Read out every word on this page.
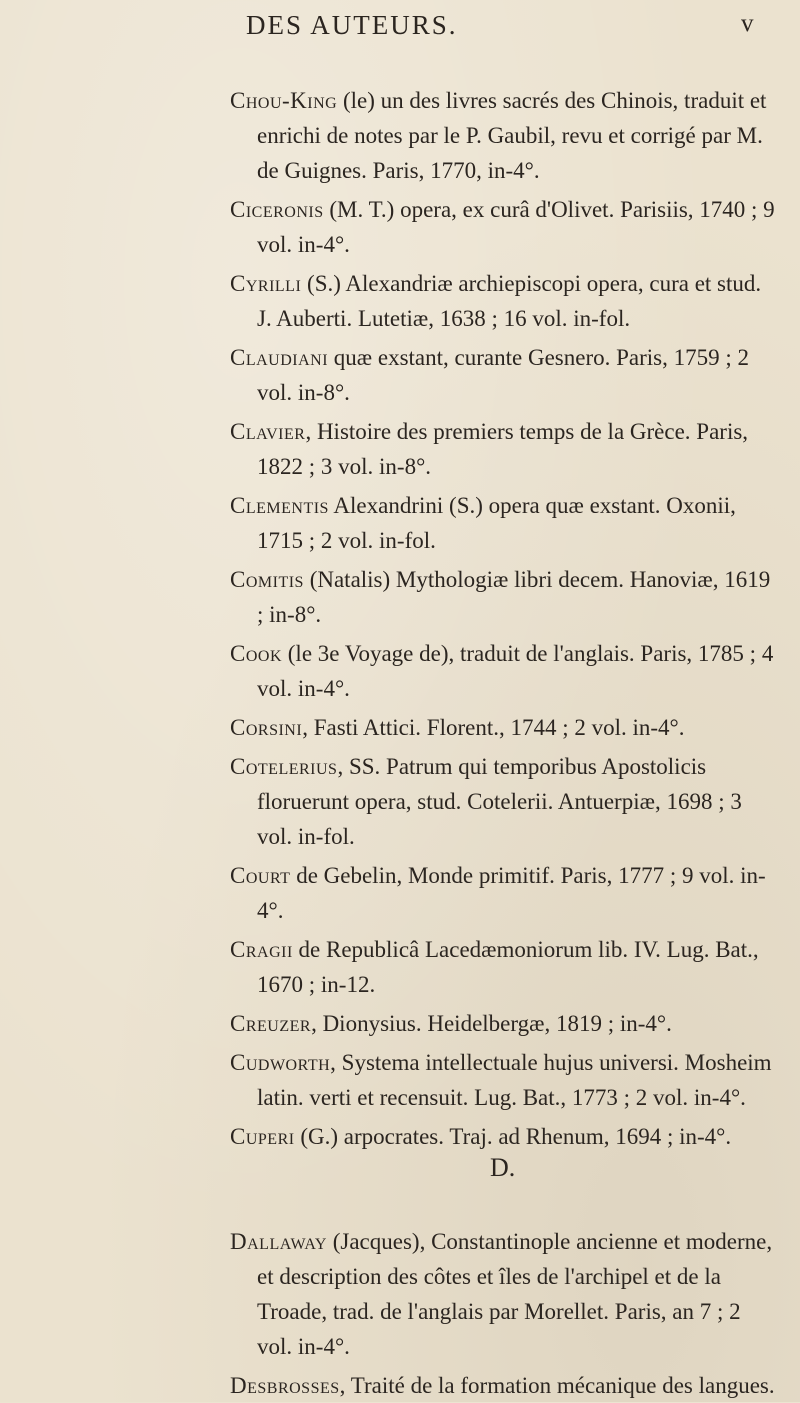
DES AUTEURS.	v

Chou-King (le) un des livres sacrés des Chinois, traduit et enrichi de notes par le P. Gaubil, revu et corrigé par M. de Guignes. Paris, 1770, in-4°.

Ciceronis (M. T.) opera, ex curâ d'Olivet. Parisiis, 1740 ; 9 vol. in-4°.

Cyrilli (S.) Alexandriæ archiepiscopi opera, cura et stud. J. Auberti. Lutetiæ, 1638 ; 16 vol. in-fol.

Claudiani quæ exstant, curante Gesnero. Paris, 1759 ; 2 vol. in-8°.

Clavier, Histoire des premiers temps de la Grèce. Paris, 1822 ; 3 vol. in-8°.

Clementis Alexandrini (S.) opera quæ exstant. Oxonii, 1715 ; 2 vol. in-fol.

Comitis (Natalis) Mythologiæ libri decem. Hanoviæ, 1619 ; in-8°.

Cook (le 3e Voyage de), traduit de l'anglais. Paris, 1785 ; 4 vol. in-4°.

Corsini, Fasti Attici. Florent., 1744 ; 2 vol. in-4°.

Cotelerius, SS. Patrum qui temporibus Apostolicis floruerunt opera, stud. Cotelerii. Antuerpiæ, 1698 ; 3 vol. in-fol.

Court de Gebelin, Monde primitif. Paris, 1777 ; 9 vol. in-4°.

Cragii de Republicâ Lacedæmoniorum lib. IV. Lug. Bat., 1670 ; in-12.

Creuzer, Dionysius. Heidelbergæ, 1819 ; in-4°.

Cudworth, Systema intellectuale hujus universi. Mosheim latin. verti et recensuit. Lug. Bat., 1773 ; 2 vol. in-4°.

Cuperi (G.) arpocrates. Traj. ad Rhenum, 1694 ; in-4°.

D.

Dallaway (Jacques), Constantinople ancienne et moderne, et description des côtes et îles de l'archipel et de la Troade, trad. de l'anglais par Morellet. Paris, an 7 ; 2 vol. in-4°.

Desbrosses, Traité de la formation mécanique des langues.
